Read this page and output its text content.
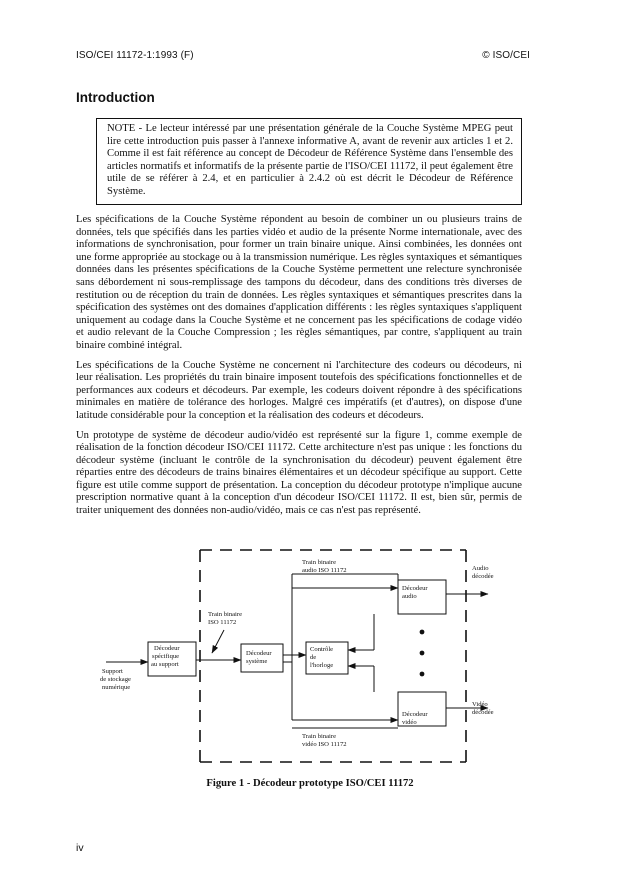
ISO/CEI 11172-1:1993 (F)	© ISO/CEI
Introduction
NOTE - Le lecteur intéressé par une présentation générale de la Couche Système MPEG peut lire cette introduction puis passer à l'annexe informative A, avant de revenir aux articles 1 et 2. Comme il est fait référence au concept de Décodeur de Référence Système dans l'ensemble des articles normatifs et informatifs de la présente partie de l'ISO/CEI 11172, il peut également être utile de se référer à 2.4, et en particulier à 2.4.2 où est décrit le Décodeur de Référence Système.

Les spécifications de la Couche Système répondent au besoin de combiner un ou plusieurs trains de données, tels que spécifiés dans les parties vidéo et audio de la présente Norme internationale, avec des informations de synchronisation, pour former un train binaire unique. Ainsi combinées, les données ont une forme appropriée au stockage ou à la transmission numérique. Les règles syntaxiques et sémantiques données dans les présentes spécifications de la Couche Système permettent une relecture synchronisée sans débordement ni sous-remplissage des tampons du décodeur, dans des conditions très diverses de restitution ou de réception du train de données. Les règles syntaxiques et sémantiques prescrites dans la spécification des systèmes ont des domaines d'application différents : les règles syntaxiques s'appliquent uniquement au codage dans la Couche Système et ne concernent pas les spécifications de codage vidéo et audio relevant de la Couche Compression ; les règles sémantiques, par contre, s'appliquent au train binaire combiné intégral.

Les spécifications de la Couche Système ne concernent ni l'architecture des codeurs ou décodeurs, ni leur réalisation. Les propriétés du train binaire imposent toutefois des spécifications fonctionnelles et de performances aux codeurs et décodeurs. Par exemple, les codeurs doivent répondre à des spécifications minimales en matière de tolérance des horloges. Malgré ces impératifs (et d'autres), on dispose d'une latitude considérable pour la conception et la réalisation des codeurs et décodeurs.

Un prototype de système de décodeur audio/vidéo est représenté sur la figure 1, comme exemple de réalisation de la fonction décodeur ISO/CEI 11172. Cette architecture n'est pas unique : les fonctions du décodeur système (incluant le contrôle de la synchronisation du décodeur) peuvent également être réparties entre des décodeurs de trains binaires élémentaires et un décodeur spécifique au support. Cette figure est utile comme support de présentation. La conception du décodeur prototype n'implique aucune prescription normative quant à la conception d'un décodeur ISO/CEI 11172. Il est, bien sûr, permis de traiter uniquement des données non-audio/vidéo, mais ce cas n'est pas représenté.

Support de stockage numérique
Décodeur spécifique au support
Train binaire ISO 11172
Décodeur système
Contrôle de l'horloge
Train binaire audio ISO 11172
Décodeur audio
Audio décodée
Décodeur vidéo
Vidéo décodée
Train binaire vidéo ISO 11172
Figure 1 - Décodeur prototype ISO/CEI 11172
iv
